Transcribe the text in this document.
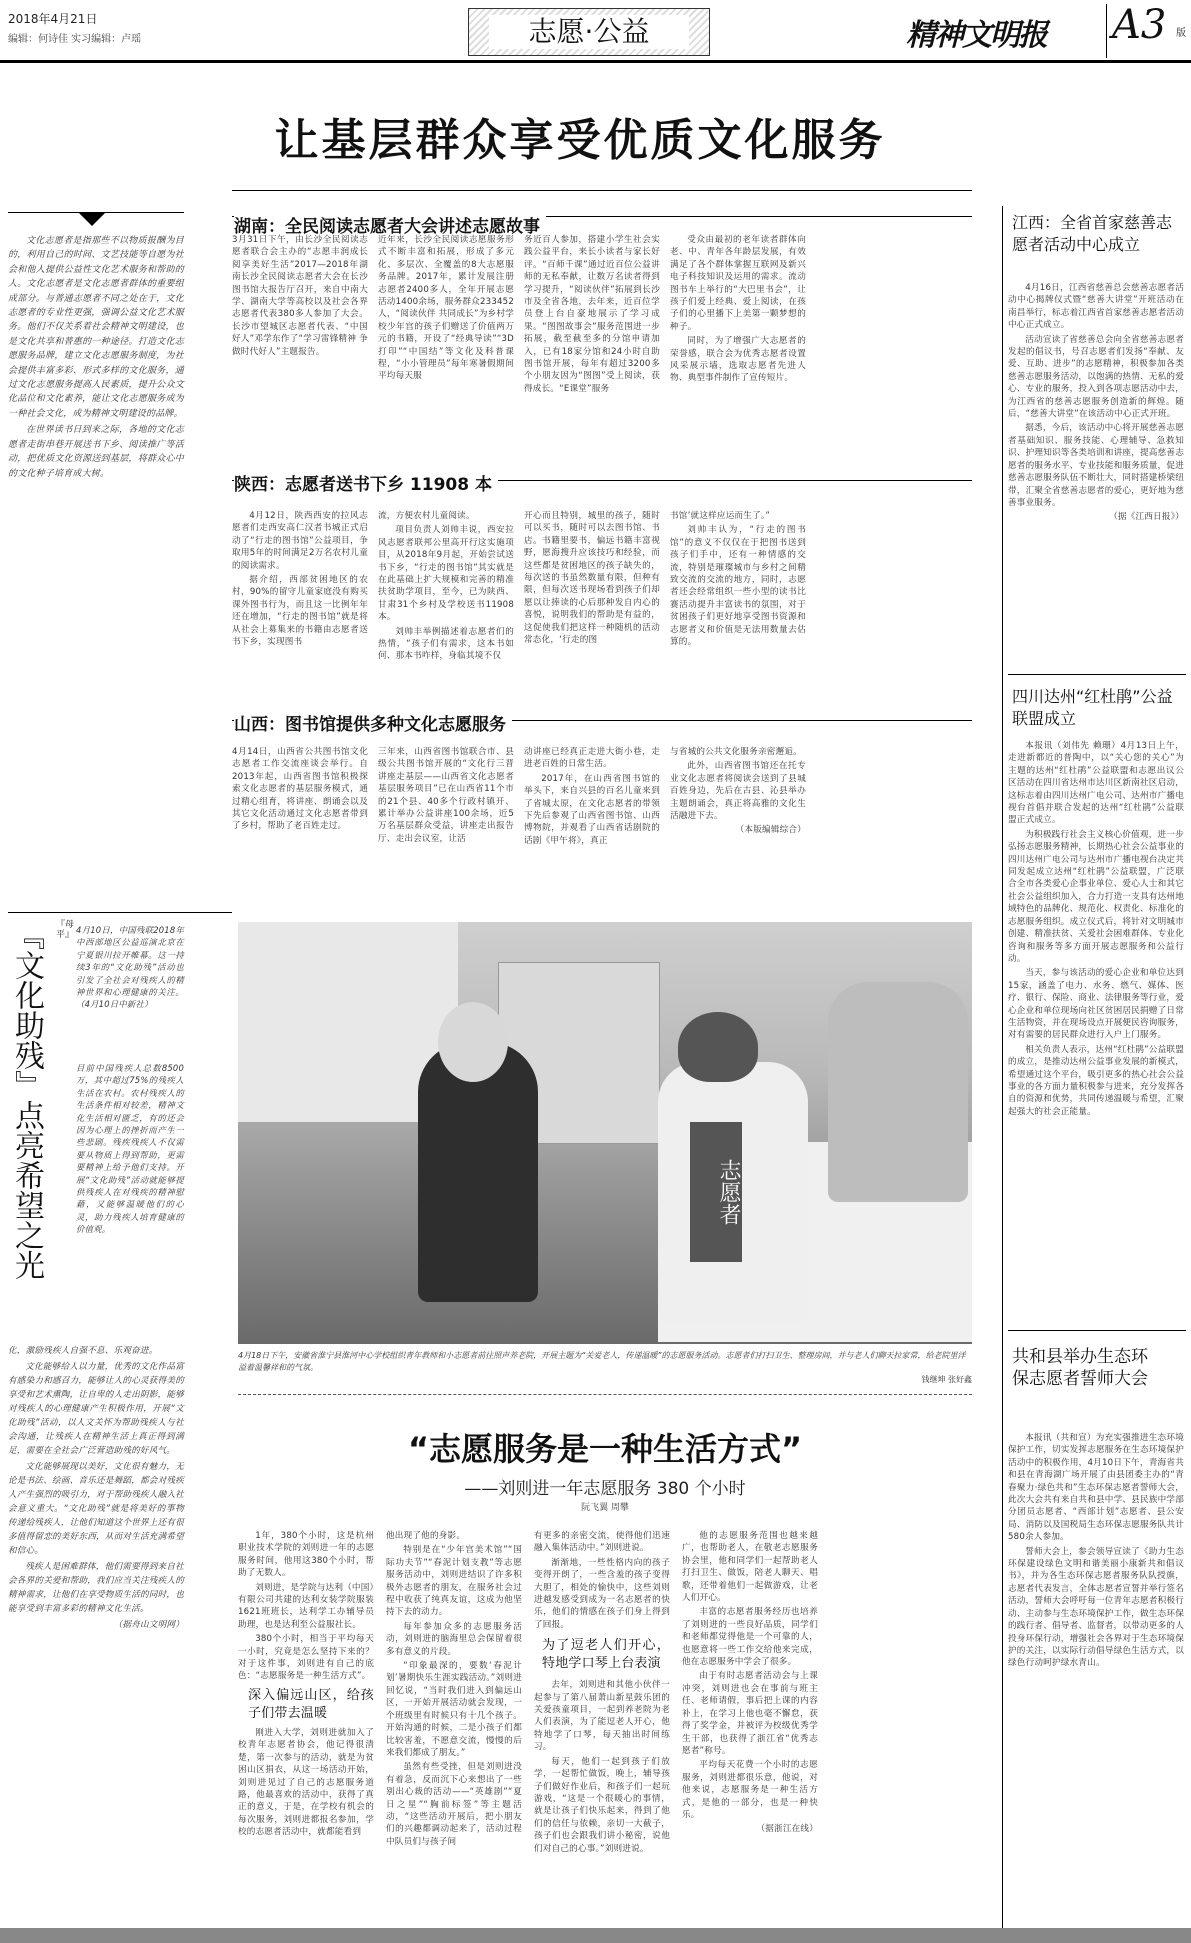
2018年4月21日
编辑：何诗佳 实习编辑：卢瑶	志愿·公益	精神文明报 A3 版
让基层群众享受优质文化服务

文化志愿者是指那些不以物质报酬为目的，利用自己的时间、文艺技能等自愿为社会和他人提供公益性文化艺术服务和帮助的人。文化志愿者是文化志愿者群体的重要组成部分。与普通志愿者不同之处在于，文化志愿者的专业性更强，强调公益文化艺术服务。他们不仅关系着社会精神文明建设，也是文化共享和普惠的一种途径。打造文化志愿服务品牌，建立文化志愿服务制度，为社会提供丰富多彩、形式多样的文化服务，通过文化志愿服务提高人民素质，提升公众文化品位和文化素养，能让文化志愿服务成为一种社会文化，成为精神文明建设的品牌。

在世界读书日到来之际，各地的文化志愿者走街串巷开展送书下乡、阅读推广等活动，把优质文化资源送到基层，将群众心中的文化种子培育成大树。

湖南：全民阅读志愿者大会讲述志愿故事
3月31日下午，由长沙全民阅读志愿者联合会主办的“志愿丰润成长 阅享美好生活”2017—2018年湖南长沙全民阅读志愿者大会在长沙图书馆大报告厅召开，来自中南大学、湖南大学等高校以及社会各界志愿者代表380多人参加了大会。长沙市望城区志愿者代表、“中国好人”邓学东作了“学习雷锋精神 争做时代好人”主题报告。
近年来，长沙全民阅读志愿服务形式不断丰富和拓展，形成了多元化、多层次、全覆盖的8大志愿服务品牌。2017年，累计发展注册志愿者2400多人，全年开展志愿活动1400余场，服务群众233452人，“阅读伙伴 共同成长”为乡村学校少年宫的孩子们赠送了价值两万元的书籍，开设了“经典导读”“3D打印”“中国结”等文化及科普课程，“小小管理员”每年寒暑假期间平均每天服
务近百人参加，搭建小学生社会实践公益平台，来长小读者与家长好评。“百师千课”通过近百位公益讲师的无私奉献，让数万名读者得到学习提升，“阅读伙伴”拓展到长沙市及全省各地，去年来，近百位学员登上台自豪地展示了学习成果。“图图故事会”服务范围进一步拓展，截至截至多的分馆申请加入，已有18家分馆和24小时自助图书馆开展，每年有超过3200多个小朋友因为“图图”受上阅读，获得成长。“E课堂”服务

受众由最初的老年读者群体向老、中、青年各年龄层发展，有效满足了各个群体掌握互联网及新兴电子科技知识及运用的需求。流动图书车上举行的“大巴里书会”，让孩子们爱上经典、爱上阅读，在孩子们的心里播下上美第一颗梦想的种子。

同时，为了增强广大志愿者的荣誉感，联合会为优秀志愿者设置风采展示墙，选取志愿者先进人物、典型事件制作了宣传短片。

陕西：志愿者送书下乡 11908 本

4月12日，陕西西安的拉风志愿者们走西安高仁汉者书城正式启动了“行走的图书馆”公益项目，争取用5年的时间满足2万名农村儿童的阅读需求。

据介绍，西部贫困地区的农村，90%的留守儿童家庭没有购买课外图书行为，而且这一比例年年还在增加，“行走的图书馆”就是将从社会上募集来的书籍由志愿者送书下乡，实现图书

流，方便农村儿童阅读。

项目负责人刘帅丰说，西安拉风志愿者联邦公里高开行这实施项目，从2018年9月起，开始尝试送书下乡，“行走的图书馆”其实就是在此基础上扩大规模和完善的精准扶贫助学项目，至今，已为陕西、甘肃31个乡村及学校送书11908本。

刘帅丰举例描述着志愿者们的热情，“孩子们有需求，这本书如何、那本书咋样，身临其境不仅

开心而且特别，城里的孩子，随时可以买书，随时可以去图书馆、书店。书籍里要书，偏远书籍丰富视野，愿海搜升应该技巧和经验，而这些都是贫困地区的孩子缺失的，每次送的书虽然数量有限，但种有限，但每次送书现场看到孩子们却愿以让捧读的心后那种发自内心的喜悦，说明我们的帮助是有益的，这促使我们把这样一种随机的活动常态化，‘行走的图

书馆’就这样应运而生了。”

刘帅丰认为，“行走的图书馆”的意义不仅仅在于把图书送到孩子们手中，还有一种情感的交流，特别是璀璨城市与乡村之间精致交流的交流的地方，同时，志愿者还会经常组织一些小型的读书比赛活动提升丰富读书的氛围，对于贫困孩子们更好地享受图书资源和志愿者义和价值是无法用数量去估算的。

山西：图书馆提供多种文化志愿服务
4月14日，山西省公共图书馆文化志愿者工作交流座谈会举行。自2013年起，山西省图书馆积极探索文化志愿者的基层服务模式，通过精心组育，将讲座、朗诵会以及其它文化活动通过文化志愿者带到了乡村，帮助了老百姓走过。
三年来，山西省图书馆联合市、县级公共图书馆开展的“文化行三晋 讲座走基层——山西省文化志愿者基层服务项目”已在山西省11个市的21个县、40多个行政村镇开、累计举办公益讲座100余场，近5万名基层群众受益，讲座走出报告厅、走出会议室，让活

动讲座已经真正走进大街小巷，走进老百姓的日常生活。

2017年，在山西省图书馆的举头下，来自兴县的百名儿童来到了省城太原，在文化志愿者的带领下先后参观了山西省图书馆、山西博物院，并观看了山西省话剧院的话剧《甲午将》，真正

与省城的公共文化服务亲密邂逅。

此外，山西省图书馆还在托专业文化志愿者将阅读会送到了县城百姓身边，先后在古县、沁县举办主题朗诵会，真正将高雅的文化生活融进下去。

（本版编辑综合）

江西：全省首家慈善志愿者活动中心成立

4月16日，江西省慈善总会慈善志愿者活动中心揭牌仪式暨“慈善大讲堂”开班活动在南昌举行，标志着江西省首家慈善志愿者活动中心正式成立。

活动宣读了省慈善总会向全省慈善志愿者发起的倡议书，号召志愿者们发扬“奉献、友爱、互助、进步”的志愿精神，积极参加各类慈善志愿服务活动，以饱满的热情、无私的爱心、专业的服务，投入到各项志愿活动中去，为江西省的慈善志愿服务创造新的辉煌。随后，“慈善大讲堂”在该活动中心正式开班。

据悉，今后，该活动中心将开展慈善志愿者基础知识、服务技能、心理辅导、急救知识、护理知识等各类培训和讲座，提高慈善志愿者的服务水平、专业技能和服务质量，促进慈善志愿服务队伍不断壮大，同时搭建桥梁纽带，汇聚全省慈善志愿者的爱心，更好地为慈善事业服务。

（据《江西日报》）

四川达州“红杜鹃”公益联盟成立

本报讯（刘伟先 赖珊）4月13日上午，走进新都近的普陶中，以“关心您的关心”为主题的达州“红杜鹃”公益联盟和志愿出议公区活动在四川省达州市达川区新南社区启动，这标志着由四川达州广电公司、达州市广播电视台首倡并联合发起的达州“红杜鹃”公益联盟正式成立。

为积极践行社会主义核心价值观，进一步弘扬志愿服务精神，长期热心社会公益事业的四川达州广电公司与达州市广播电视台决定共同发起成立达州“红杜鹃”公益联盟，广泛联合全市各类爱心企事业单位、爱心人士和其它社会公益组织加入，合力打造一支具有达州地域特色的品牌化、规范化、权责化、标准化的志愿服务组织。成立仪式后，将针对文明城市创建、精准扶贫、关爱社会困难群体、专业化咨询和服务等多方面开展志愿服务和公益行动。

当天，参与该活动的爱心企业和单位达到15家，涵盖了电力、水务、燃气、媒体、医疗、银行、保险、商业、法律服务等行业，爱心企业和单位现场向社区贫困居民捐赠了日常生活物资，并在现场设点开展便民咨询服务，对有需要的居民群众进行入户上门服务。

相关负责人表示，达州“红杜鹃”公益联盟的成立，是推动达州公益事业发展的新模式，希望通过这个平台，吸引更多的热心社会公益事业的各方面力量积极参与进来，充分发挥各自的资源和优势，共同传递温暖与希望，汇聚起强大的社会正能量。

共和县举办生态环保志愿者誓师大会

本报讯（共和宣）为充实强推进生态环境保护工作，切实发挥志愿服务在生态环境保护活动中的积极作用，4月10日下午，青海省共和县在青海湖广场开展了由县团委主办的“青春聚力·绿色共和”生态环保志愿者誓师大会，此次大会共有来自共和县中学、县民族中学部分团员志愿者、“西部计划”志愿者、县公安局、消防以及国税局生态环保志愿服务队共计580余人参加。

誓师大会上，参会领导宣读了《助力生态环保建设绿色文明和谐美丽小康新共和倡议书》，并为各生态环保志愿者服务队队授旗，志愿者代表发言，全体志愿者宣誓并举行签名活动，誓师大会呼吁每一位青年志愿者积极行动、主动参与生态环境保护工作，做生态环保的践行者、倡导者、监督者，以带动更多的人投身环保行动，增强社会各界对于生态环境保护的关注，以实际行动倡导绿色生活方式，以绿色行动呵护绿水青山。

『母平』
『文化助残』点亮希望之光	4月10日，中国残联2018年中西部地区公益巡演北京在宁夏银川拉开帷幕。这一持续3年的“文化助残”活动也引发了全社会对残疾人的精神世界和心理健康的关注。（4月10日中新社）
目前中国残疾人总数8500万，其中超过75%的残疾人生活在农村。农村残疾人的生活条件相对较差，精神文化生活相对匮乏，有的还会因为心理上的挫折而产生一些悲剧。残疾残疾人不仅需要从物质上得到帮助，更需要精神上给予他们支持。开展“文化助残”活动就能够提供残疾人在对残疾的精神慰藉，又能够温暖他们的心灵，助力残疾人培育健康的价值观。

化，激励残疾人自强不息、乐观奋进。

文化能够给人以力量，优秀的文化作品富有感染力和感召力，能够让人的心灵获得美的享受和艺术熏陶，让自卑的人走出阴影，能够对残疾人的心理健康产生积极作用，开展“文化助残”活动，以人文关怀为帮助残疾人与社会沟通，让残疾人在精神生活上真正得到满足，需要在全社会广泛营造助残的好风气。

文化能够展现以美好，文化很有魅力，无论是书法、绘画、音乐还是舞蹈，都会对残疾人产生强烈的吸引力，对于帮助残疾人融入社会意义重大。“文化助残”就是将美好的事物传递给残疾人，让他们知道这个世界上还有很多值得留恋的美好东西，从而对生活充满希望和信心。

残疾人是困难群体，他们需要得到来自社会各界的关爱和帮助，我们应当关注残疾人的精神需求，让他们在享受物质生活的同时，也能享受到丰富多彩的精神文化生活。

（据舟山文明网）

志愿者
4月18日下午，安徽省淮宁县淮河中心学校组织青年教师和小志愿者前往照声养老院，开展主题为“关爱老人，传递温暖”的志愿服务活动。志愿者们打扫卫生、整理房间，并与老人们聊天拉家常，给老院里洋溢着温馨祥和的气氛。
钱继坤 张好鑫
“志愿服务是一种生活方式”
——刘则进一年志愿服务 380 个小时
阮飞翼 周攀

1年，380个小时，这是杭州职业技术学院的刘则进一年的志愿服务时间，他用这380个小时，帮助了无数人。

刘则进，是学院与达利（中国）有限公司共建的达利女装学院服装1621班班长，达利学工办辅导员助理，也是达利至公益服社长。

380个小时，相当于平均每天一小时，究竟是怎么坚持下来的？对于这件事，刘则进有自己的底色：“志愿服务是一种生活方式”。

深入偏远山区，给孩子们带去温暖

刚进入大学，刘则进就加入了校青年志愿者协会，他记得很清楚，第一次参与的活动，就是为贫困山区捐衣，从这一场活动开始，刘则进见过了自己的志愿服务道路，他最喜欢的活动中，获得了真正的意义，于是，在学校有机会的每次服务，刘则进都报名参加，学校的志愿者活动中，就都能看到

他出现了他的身影。

特别是在“少年宫美术馆”“国际功夫节”“春泥计划支教”等志愿服务活动中，刘则进结识了许多积极外志愿者的朋友，在服务社会过程中收获了纯真友谊，这成为他坚持下去的动力。

每年参加众多的志愿服务活动，刘则进的脑海里总会保留着很多有意义的片段。

“印象最深的，要数‘春泥计划’暑期快乐生涯实践活动。”刘则进回忆说，“当时我们进入到偏远山区，一开始开展活动就会发现，一个班级里有时候只有十几个孩子。开始沟通的时候，二是小孩子们都比较害羞，不愿意交流，慢慢的后来我们都成了朋友。”

虽然有些受挫，但是刘则进没有着急，反而沉下心来想出了一些别出心裁的活动——“英雄剧”“夏日之星”“胸前标签”等主题活动，“这些活动开展后，把小朋友们的兴趣都调动起来了，活动过程中队员们与孩子间

有更多的亲密交流，使得他们迅速融入集体活动中。”刘则进说。

渐渐地，一些性格内向的孩子变得开朗了，一些含羞的孩子变得大胆了，相处的愉快中，这些刘则进越发感受到成为一名志愿者的快乐，他们的情感在孩子们身上得到了回报。

为了逗老人们开心，特地学口琴上台表演

去年，刘则进和其他小伙伴一起参与了第八届萧山新星鼓乐团的关爱孩童项目，一起到养老院为老人们表演，为了能逗老人开心，他特地学了口琴，每天抽出时间练习。

每天，他们一起到孩子们放学，一起帮忙做饭，晚上，辅导孩子们做好作业后，和孩子们一起玩游戏，“这是一个很暖心的事情，就是让孩子们快乐起来，得到了他们的信任与依赖，亲切一大截子，孩子们也会跟我们讲小秘密，说他们对自己的心事。”刘则进说。

他的志愿服务范围也越来越广，也帮助老人，在敬老志愿服务协会里，他和同学们一起帮助老人打扫卫生、做饭，陪老人聊天、唱歌，还带着他们一起做游戏，让老人们开心。

丰富的志愿者服务经历也培养了刘则进的一些良好品质，同学们和老师都觉得他是一个可靠的人，也愿意将一些工作交给他来完成，他在志愿服务中学会了很多。

由于有时志愿者活动会与上课冲突，刘则进也会在事前与班主任、老师请假，事后把上课的内容补上，在学习上他也毫不懈怠，获得了奖学金，并被评为校级优秀学生干部，也获得了浙江省“优秀志愿者”称号。

平均每天花费一个小时的志愿服务，刘则进都很乐意，他说，对他来说，志愿服务是一种生活方式，是他的一部分，也是一种快乐。

（据浙江在线）
